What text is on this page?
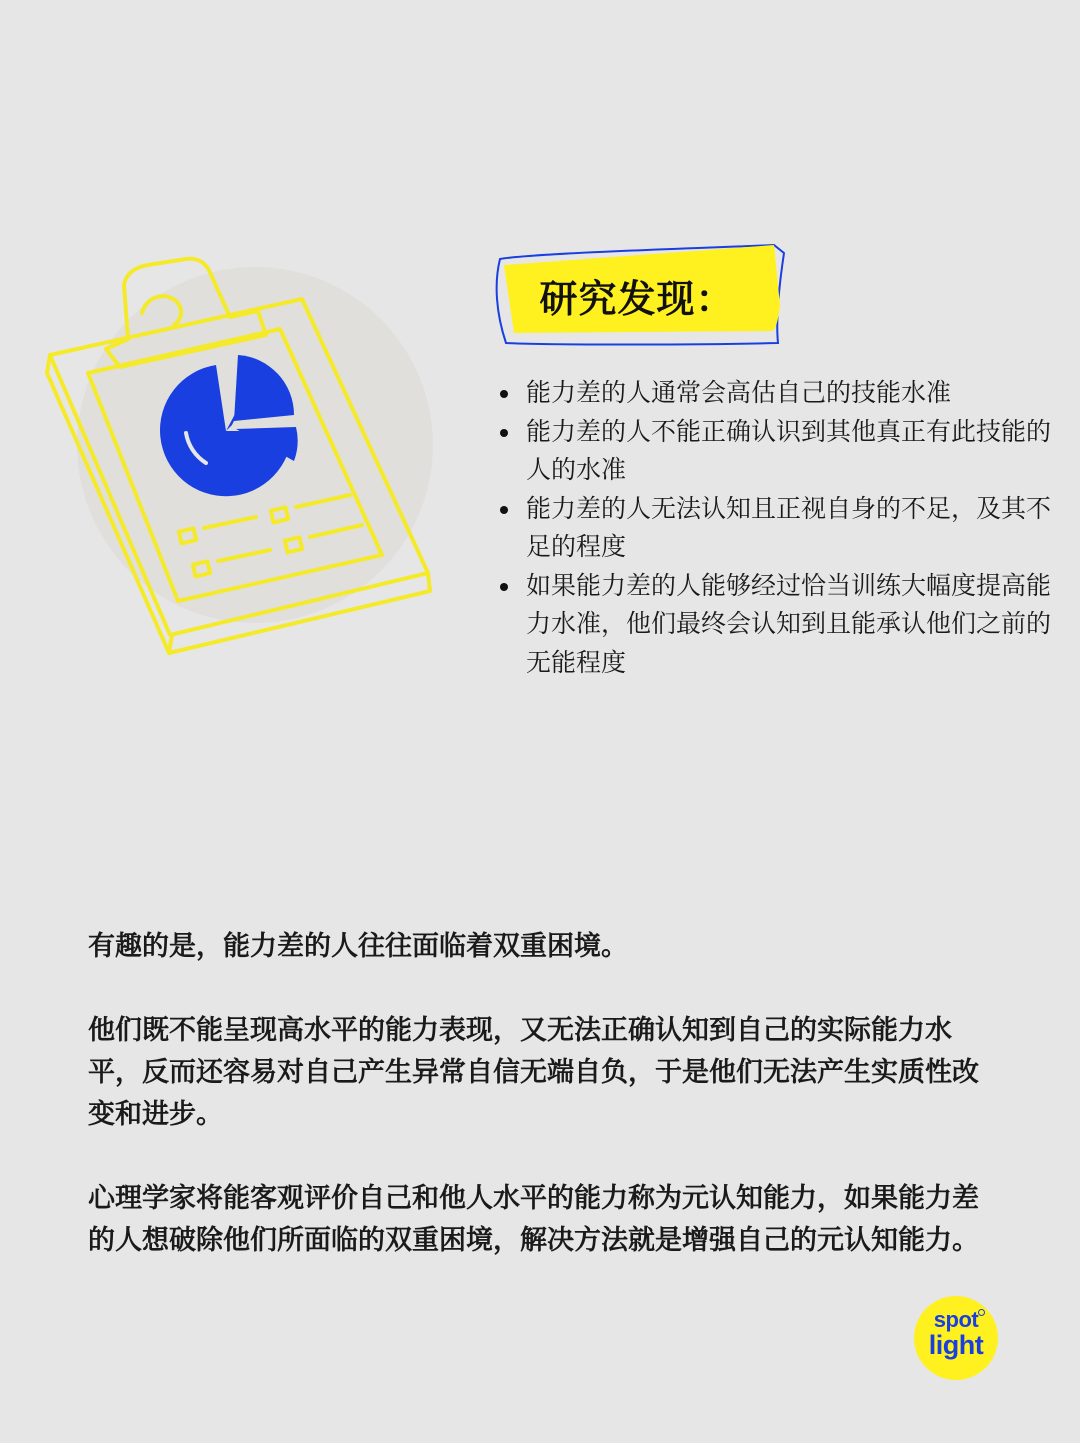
研究发现：
能力差的人通常会高估自己的技能水准
能力差的人不能正确认识到其他真正有此技能的人的水准
能力差的人无法认知且正视自身的不足，及其不足的程度
如果能力差的人能够经过恰当训练大幅度提高能力水准，他们最终会认知到且能承认他们之前的无能程度

有趣的是，能力差的人往往面临着双重困境。

他们既不能呈现高水平的能力表现，又无法正确认知到自己的实际能力水平，反而还容易对自己产生异常自信无端自负，于是他们无法产生实质性改变和进步。

心理学家将能客观评价自己和他人水平的能力称为元认知能力，如果能力差的人想破除他们所面临的双重困境，解决方法就是增强自己的元认知能力。

spot
light
